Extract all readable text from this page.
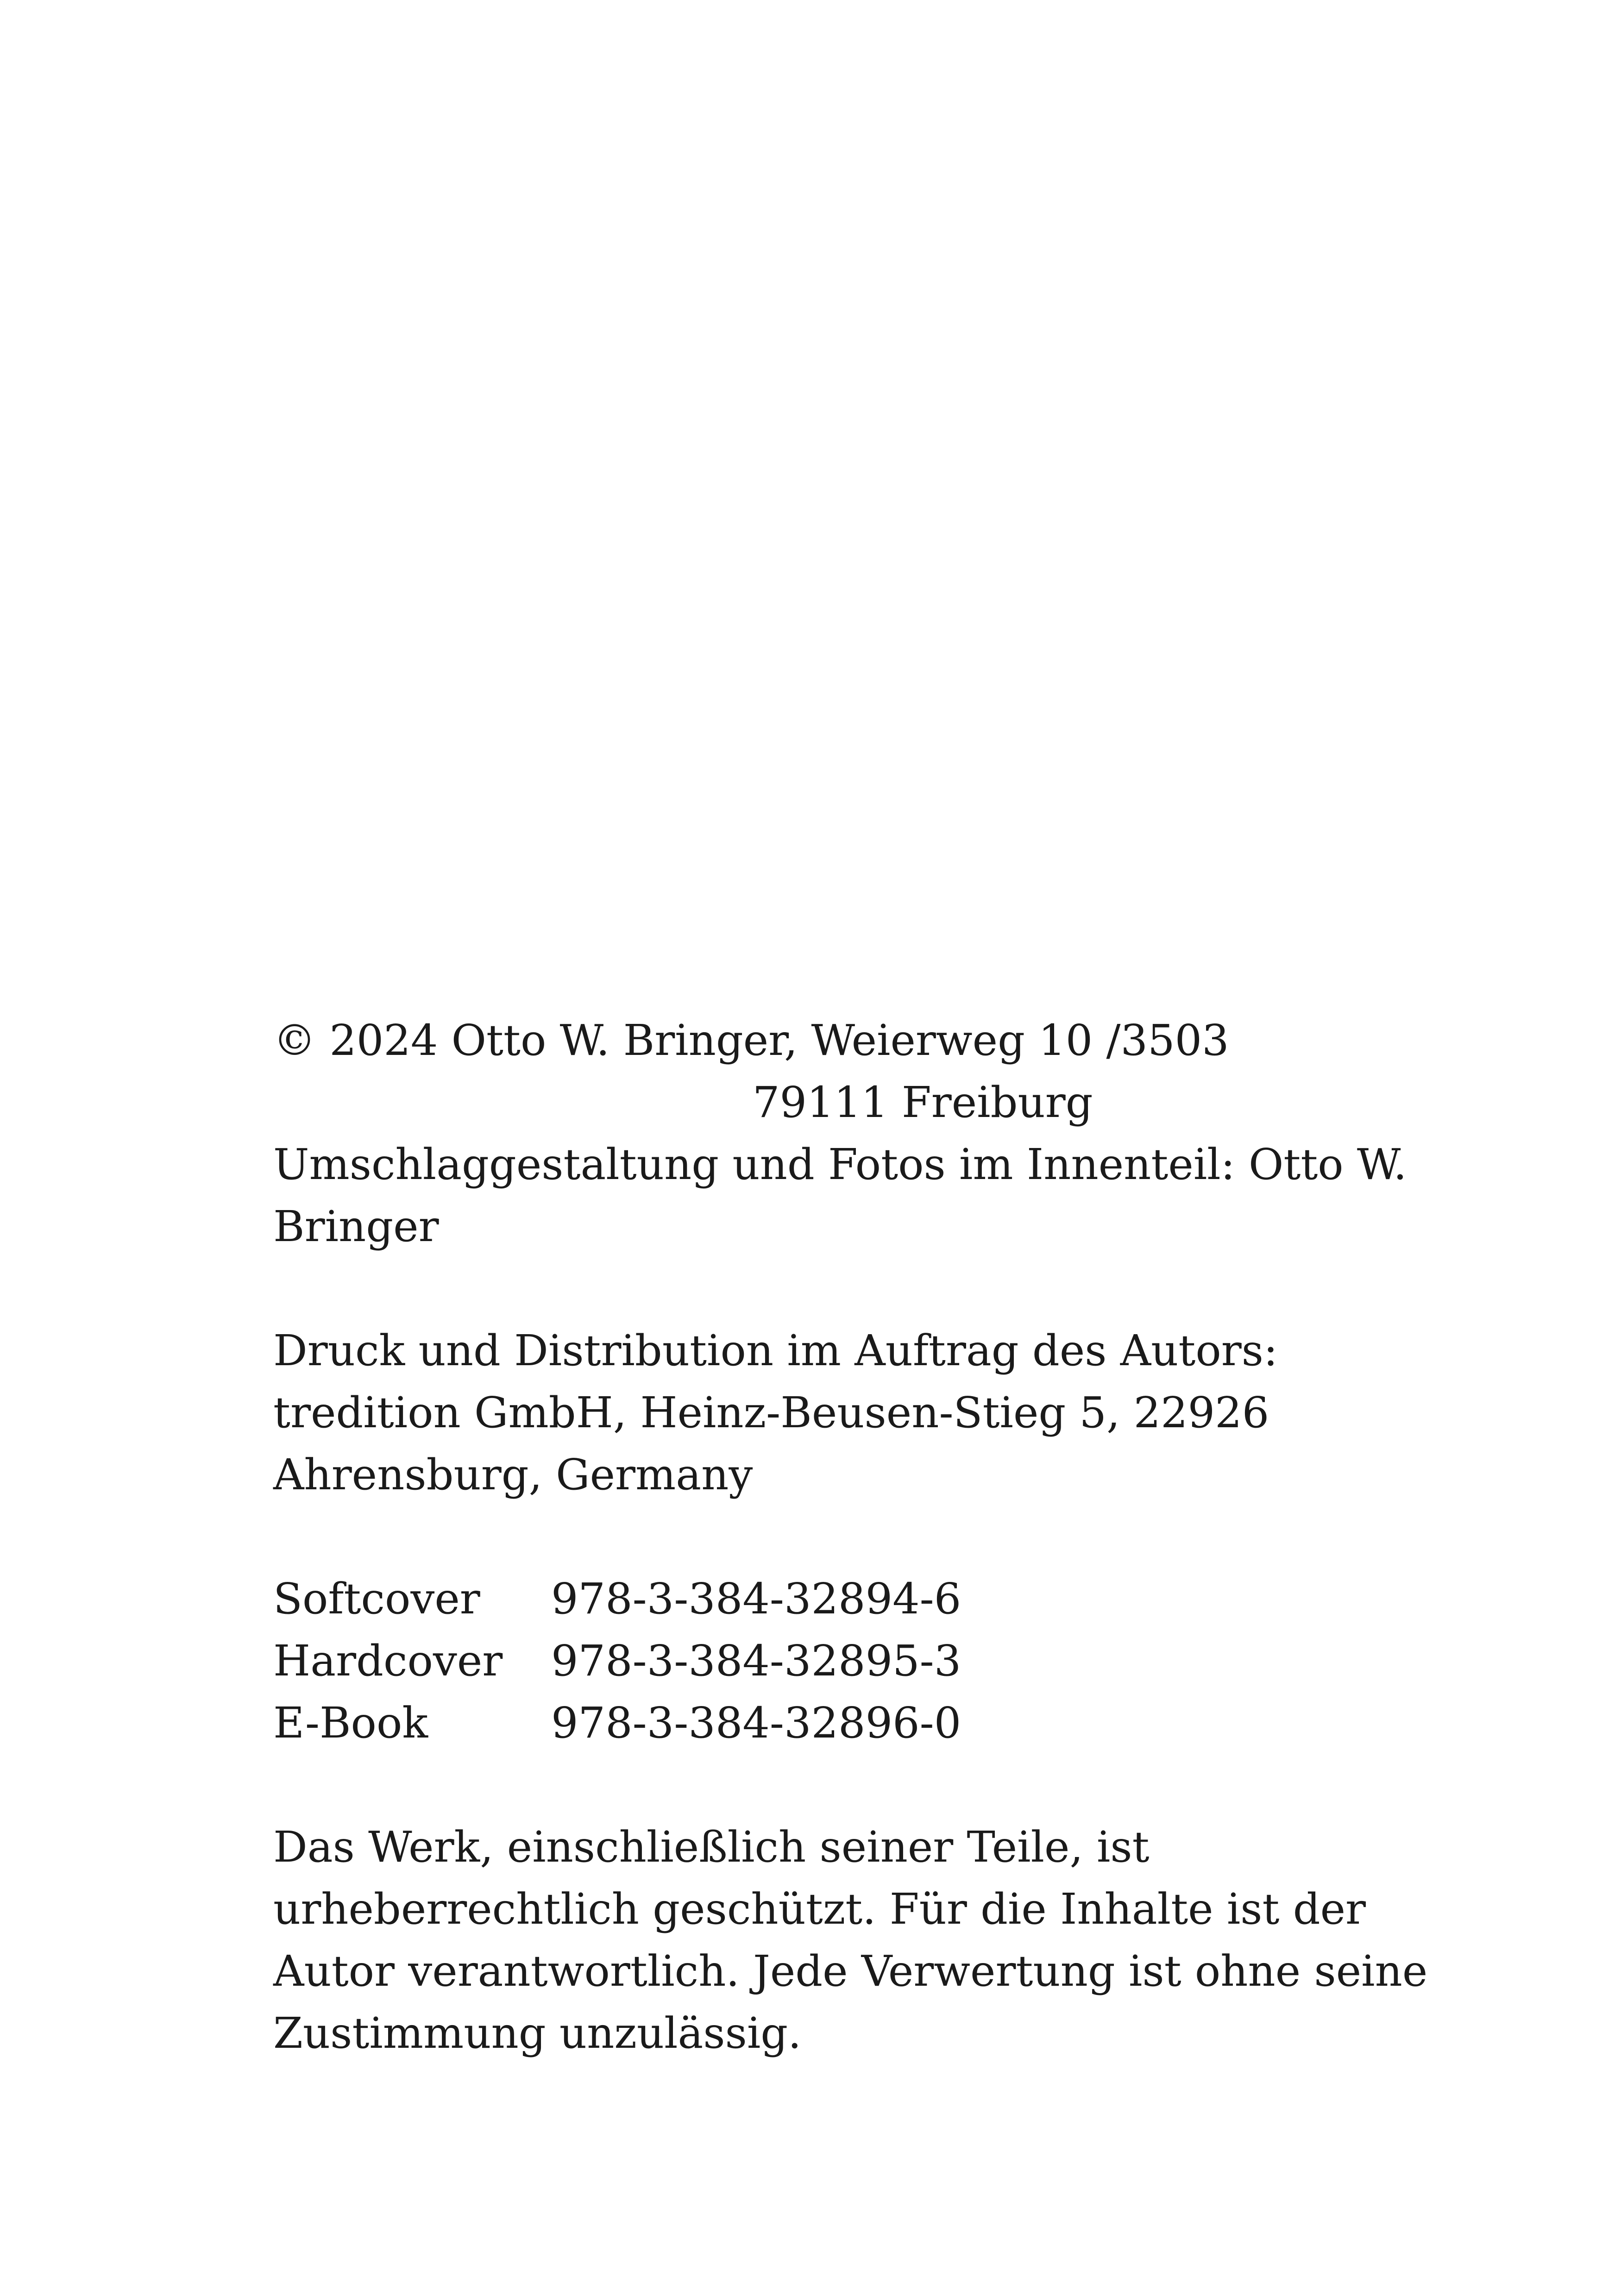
© 2024 Otto W. Bringer, Weierweg 10 /3503
79111 Freiburg
Umschlaggestaltung und Fotos im Innenteil: Otto W.
Bringer
Druck und Distribution im Auftrag des Autors:
tredition GmbH, Heinz-Beusen-Stieg 5, 22926
Ahrensburg, Germany
Softcover	978-3-384-32894-6
Hardcover	978-3-384-32895-3
E-Book	978-3-384-32896-0
Das Werk, einschließlich seiner Teile, ist
urheberrechtlich geschützt. Für die Inhalte ist der
Autor verantwortlich. Jede Verwertung ist ohne seine
Zustimmung unzulässig.
